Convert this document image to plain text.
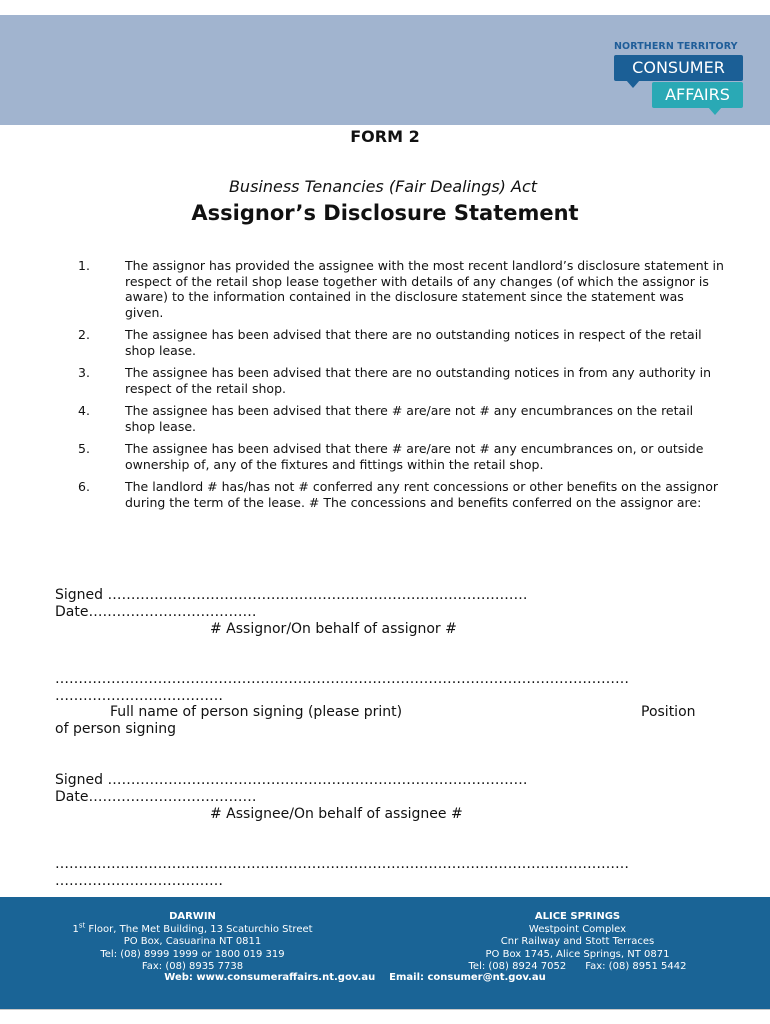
NORTHERN TERRITORY
CONSUMER
AFFAIRS
FORM 2
Business Tenancies (Fair Dealings) Act
Assignor’s Disclosure Statement
1.	The assignor has provided the assignee with the most recent landlord’s disclosure statement in respect of the retail shop lease together with details of any changes (of which the assignor is aware) to the information contained in the disclosure statement since the statement was given.
2.	The assignee has been advised that there are no outstanding notices in respect of the retail shop lease.
3.	The assignee has been advised that there are no outstanding notices in from any authority in respect of the retail shop.
4.	The assignee has been advised that there # are/are not # any encumbrances on the retail shop lease.
5.	The assignee has been advised that there # are/are not # any encumbrances on, or outside ownership of, any of the fixtures and fittings within the retail shop.
6.	The landlord # has/has not # conferred any rent concessions or other benefits on the assignor during the term of the lease. # The concessions and benefits conferred on the assignor are:
Signed ………………………………………………………………………………
Date………………………………
# Assignor/On behalf of assignor #
……………………………………………………………………………………………………………
………………………………
Full name of person signing (please print)	Position
of person signing
Signed ………………………………………………………………………………
Date………………………………
# Assignee/On behalf of assignee #
……………………………………………………………………………………………………………
………………………………
DARWIN
1st Floor, The Met Building, 13 Scaturchio Street
PO Box, Casuarina NT 0811
Tel: (08) 8999 1999 or 1800 019 319
Fax: (08) 8935 7738
ALICE SPRINGS
Westpoint Complex
Cnr Railway and Stott Terraces
PO Box 1745, Alice Springs, NT 0871
Tel: (08) 8924 7052      Fax: (08) 8951 5442
Web: www.consumeraffairs.nt.gov.au Email: consumer@nt.gov.au
